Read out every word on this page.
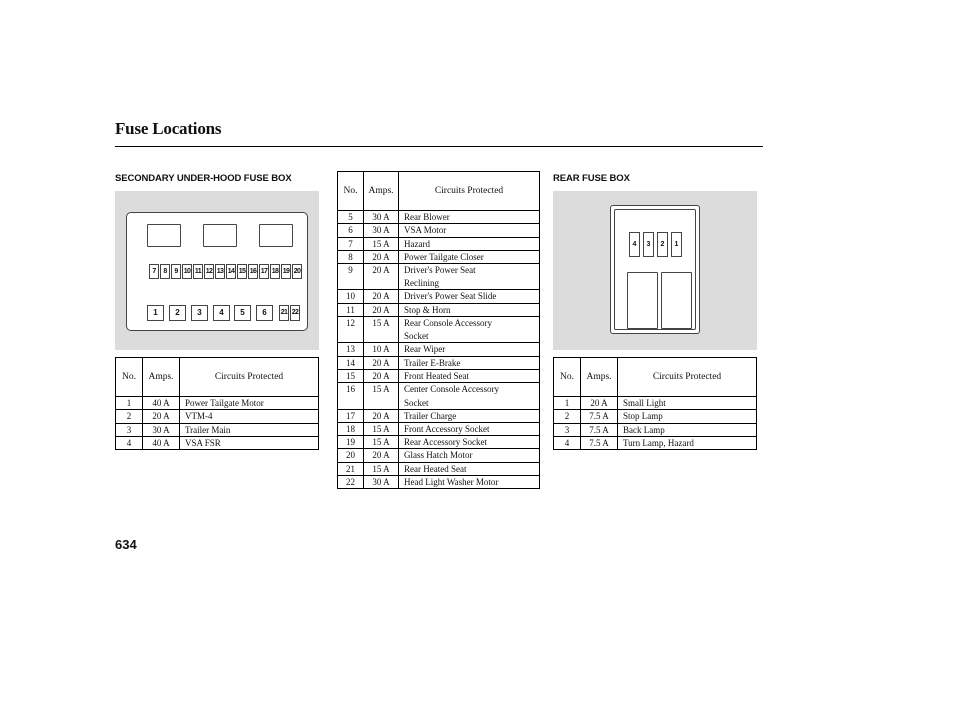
Fuse Locations
SECONDARY UNDER-HOOD FUSE BOX
7	8	9 10 11 12 13 14 15 16 17 18 19 20
1	2	3	4	5	6	21 22
No.	Amps.	Circuits Protected
1	40 A	Power Tailgate Motor
2	20 A	VTM-4
3	30 A	Trailer Main
4	40 A	VSA FSR
No.	Amps.	Circuits Protected
5	30 A	Rear Blower

6	30 A	VSA Motor

7	15 A	Hazard

8	20 A	Power Tailgate Closer

9	20 A	Driver's Power Seat
Reclining

10	20 A	Driver's Power Seat Slide

11	20 A	Stop & Horn

12	15 A	Rear Console Accessory
Socket

13	10 A	Rear Wiper

14	20 A	Trailer E-Brake

15	20 A	Front Heated Seat

16	15 A	Center Console Accessory
Socket

17	20 A	Trailer Charge

18	15 A	Front Accessory Socket

19	15 A	Rear Accessory Socket

20	20 A	Glass Hatch Motor

21	15 A	Rear Heated Seat

22	30 A	Head Light Washer Motor
REAR FUSE BOX
4	3	2	1
No.	Amps.	Circuits Protected
1	20 A	Small Light
2	7.5 A	Stop Lamp
3	7.5 A	Back Lamp
4	7.5 A	Turn Lamp, Hazard
634
